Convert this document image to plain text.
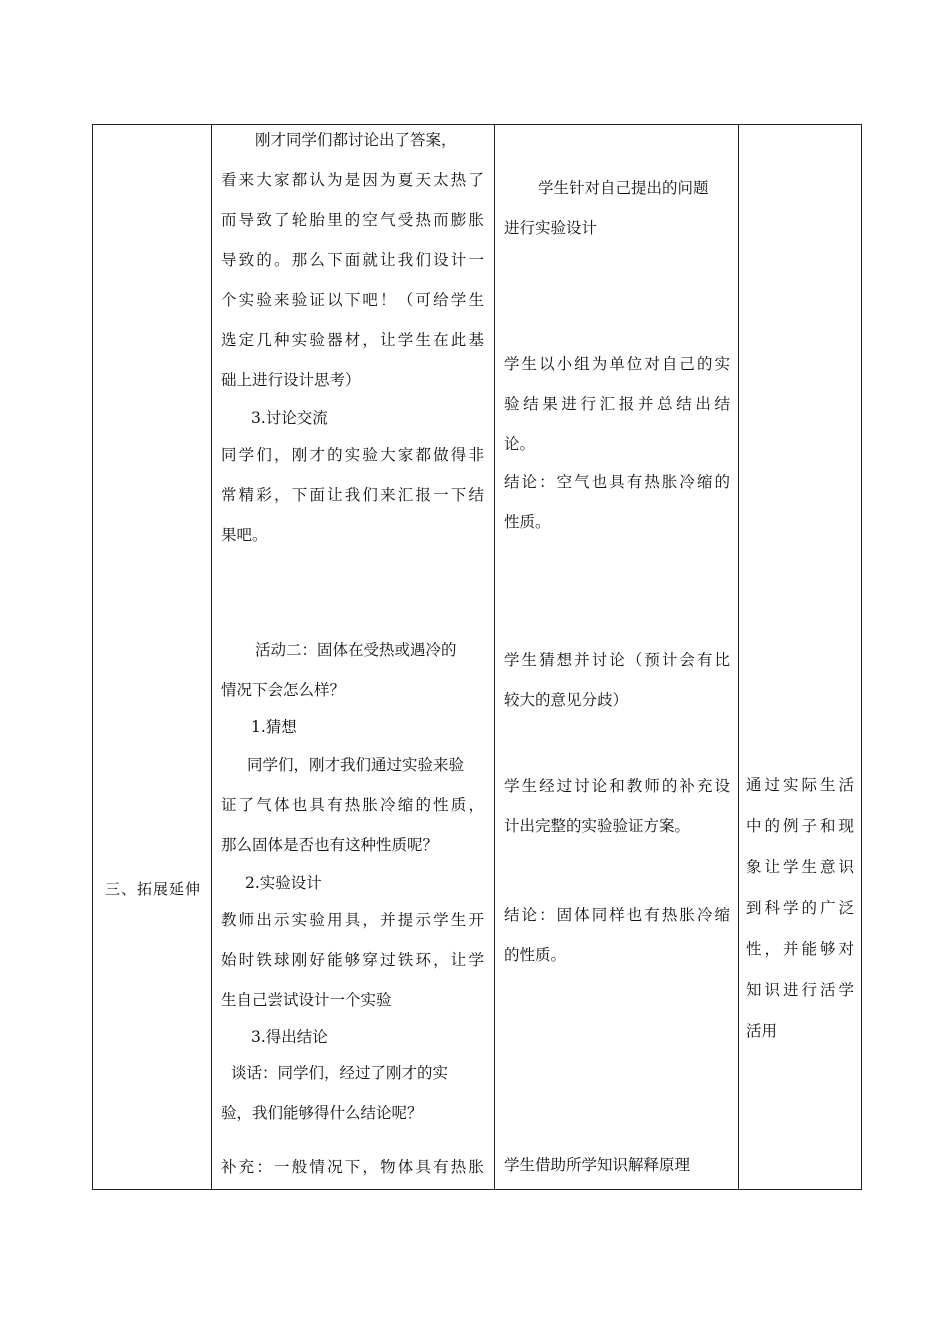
三、拓展延伸
刚才同学们都讨论出了答案，
看来大家都认为是因为夏天太热了
而导致了轮胎里的空气受热而膨胀
导致的。那么下面就让我们设计一
个实验来验证以下吧！（可给学生
选定几种实验器材，让学生在此基
础上进行设计思考）
3.讨论交流
同学们，刚才的实验大家都做得非
常精彩，下面让我们来汇报一下结
果吧。
活动二：固体在受热或遇冷的
情况下会怎么样？
1.猜想
同学们，刚才我们通过实验来验
证了气体也具有热胀冷缩的性质，
那么固体是否也有这种性质呢？
2.实验设计
教师出示实验用具，并提示学生开
始时铁球刚好能够穿过铁环，让学
生自己尝试设计一个实验
3.得出结论
谈话：同学们，经过了刚才的实
验，我们能够得什么结论呢？
补充：一般情况下，物体具有热胀
学生针对自己提出的问题
进行实验设计
学生以小组为单位对自己的实
验结果进行汇报并总结出结
论。
结论：空气也具有热胀冷缩的
性质。
学生猜想并讨论（预计会有比
较大的意见分歧）
学生经过讨论和教师的补充设
计出完整的实验验证方案。
结论：固体同样也有热胀冷缩
的性质。
学生借助所学知识解释原理
通过实际生活
中的例子和现
象让学生意识
到科学的广泛
性，并能够对
知识进行活学
活用
